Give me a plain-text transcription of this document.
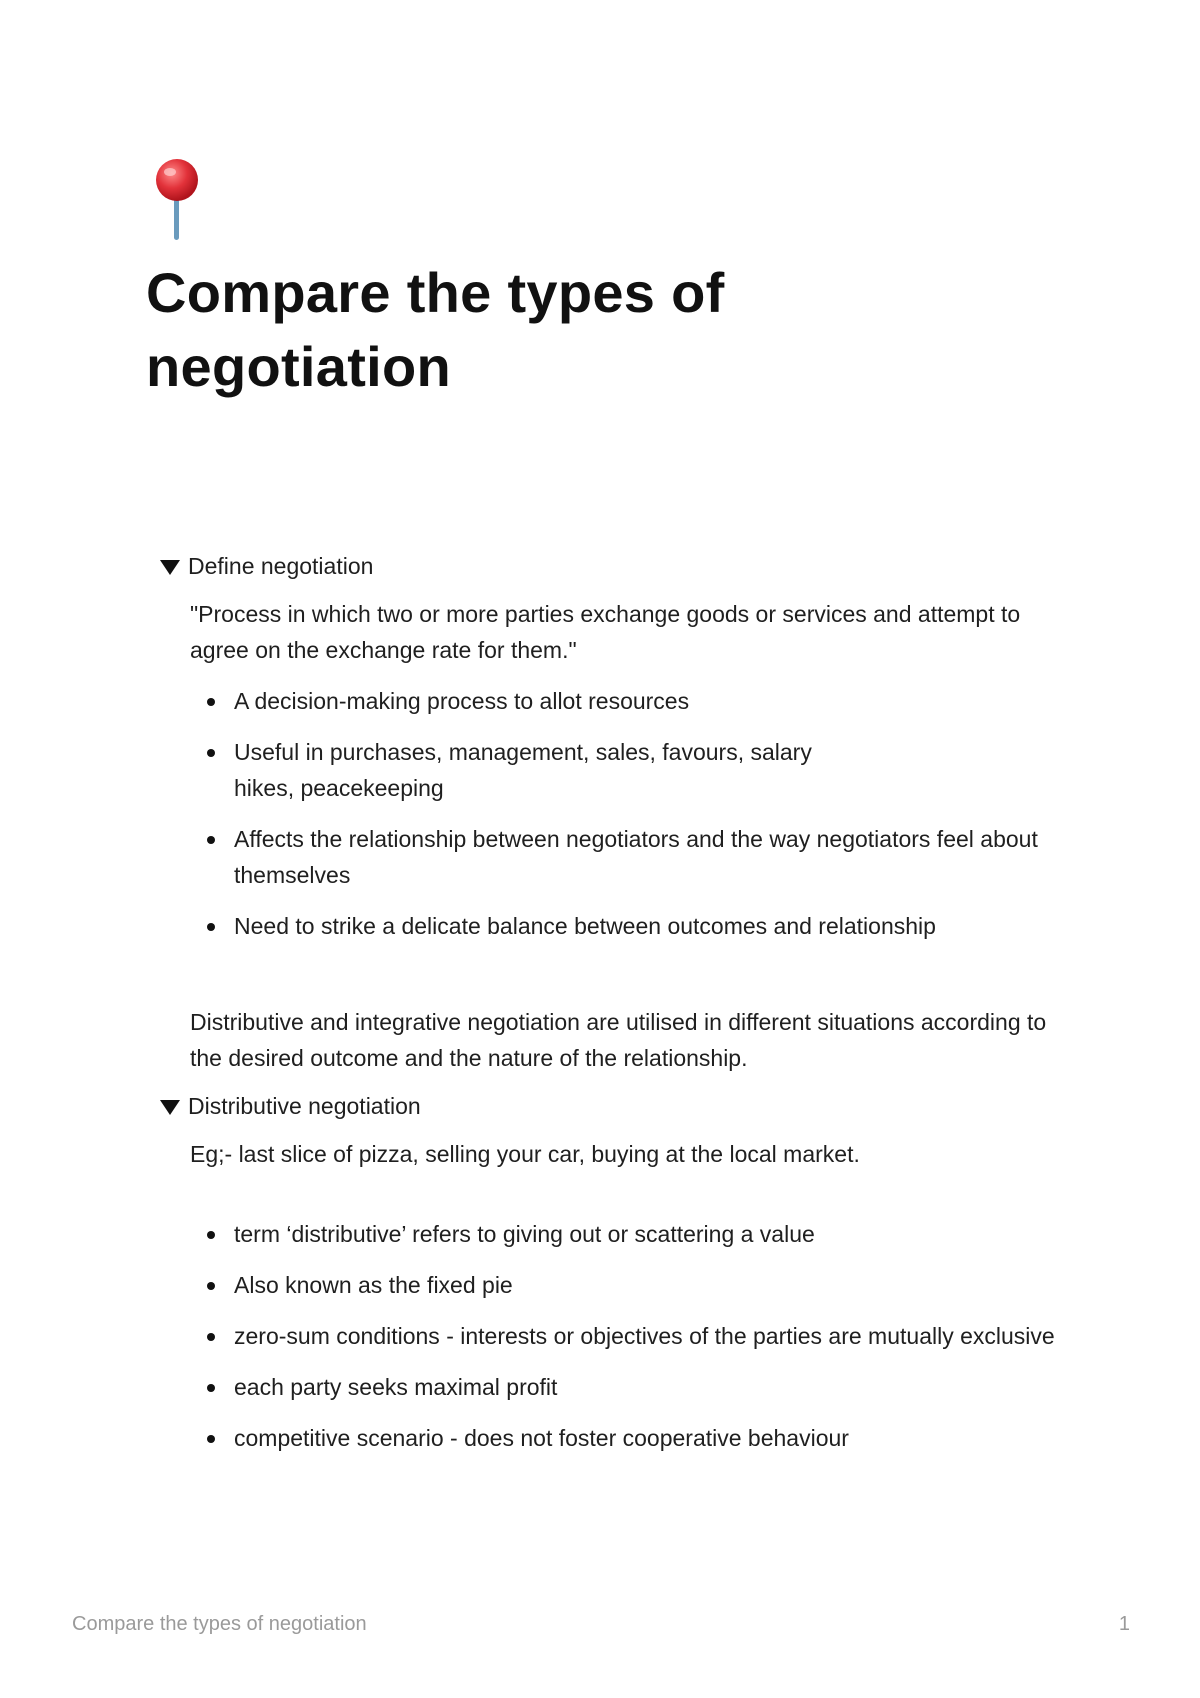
Compare the types of negotiation
Define negotiation

"Process in which two or more parties exchange goods or services and attempt to agree on the exchange rate for them."

A decision-making process to allot resources
Useful in purchases, management, sales, favours, salary hikes, peacekeeping
Affects the relationship between negotiators and the way negotiators feel about themselves
Need to strike a delicate balance between outcomes and relationship

Distributive and integrative negotiation are utilised in different situations according to the desired outcome and the nature of the relationship.

Distributive negotiation

Eg;- last slice of pizza, selling your car, buying at the local market.

term ‘distributive’ refers to giving out or scattering a value
Also known as the fixed pie
zero-sum conditions - interests or objectives of the parties are mutually exclusive
each party seeks maximal profit
competitive scenario - does not foster cooperative behaviour
Compare the types of negotiation	1
